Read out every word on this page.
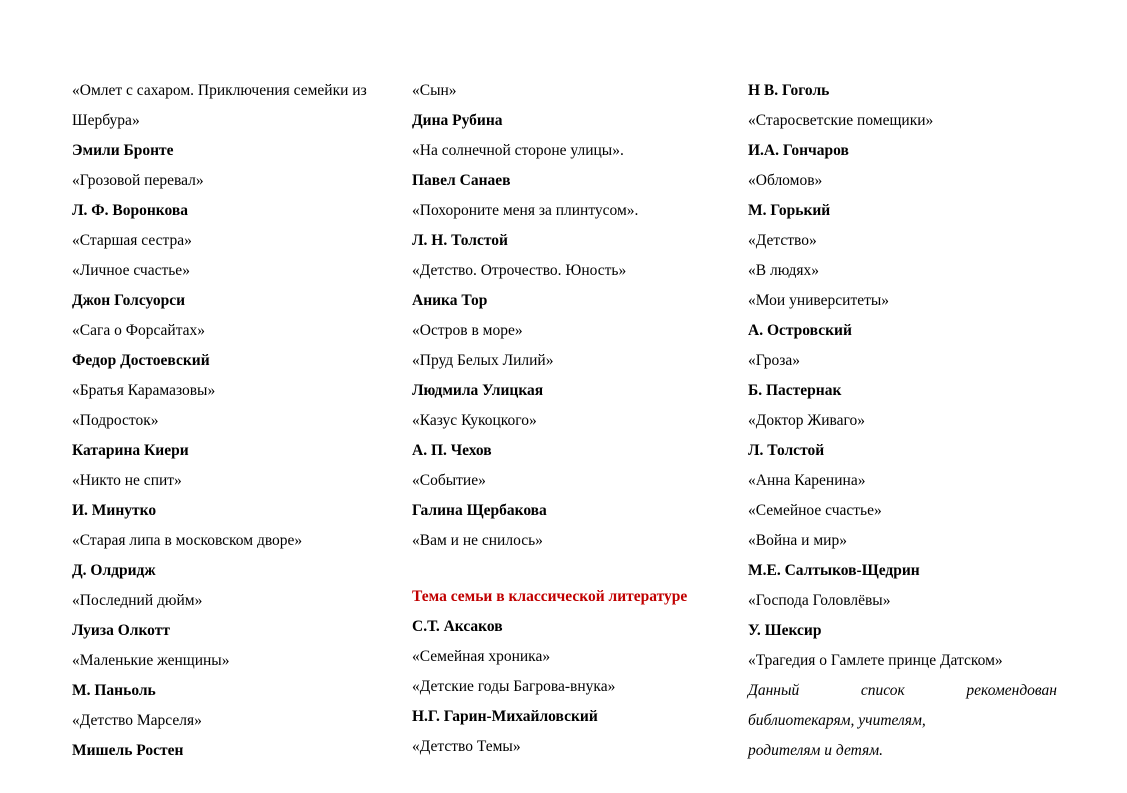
«Омлет с сахаром. Приключения семейки из Шербура»
Эмили Бронте
«Грозовой перевал»
Л. Ф. Воронкова
«Старшая сестра»
«Личное счастье»
Джон Голсуорси
«Сага о Форсайтах»
Федор Достоевский
«Братья Карамазовы»
«Подросток»
Катарина Киери
«Никто не спит»
И. Минутко
«Старая липа в московском дворе»
Д. Олдридж
«Последний дюйм»
Луиза Олкотт
«Маленькие женщины»
М. Паньоль
«Детство Марселя»
Мишель Ростен
«Сын»
Дина Рубина
«На солнечной стороне улицы».
Павел Санаев
«Похороните меня за плинтусом».
Л. Н. Толстой
«Детство. Отрочество. Юность»
Аника Тор
«Остров в море»
«Пруд Белых Лилий»
Людмила Улицкая
«Казус Кукоцкого»
А. П. Чехов
«Событие»
Галина Щербакова
«Вам и не снилось»
Тема семьи в классической литературе
С.Т. Аксаков
«Семейная хроника»
«Детские годы Багрова-внука»
Н.Г. Гарин-Михайловский
«Детство Темы»
Н В. Гоголь
«Старосветские помещики»
И.А. Гончаров
«Обломов»
М. Горький
«Детство»
«В людях»
«Мои университеты»
А. Островский
«Гроза»
Б. Пастернак
«Доктор Живаго»
Л. Толстой
«Анна Каренина»
«Семейное счастье»
«Война и мир»
М.Е. Салтыков-Щедрин
«Господа Головлёвы»
У. Шексир
«Трагедия о Гамлете принце Датском»
Данный список рекомендован
библиотекарям, учителям,
родителям и детям.
